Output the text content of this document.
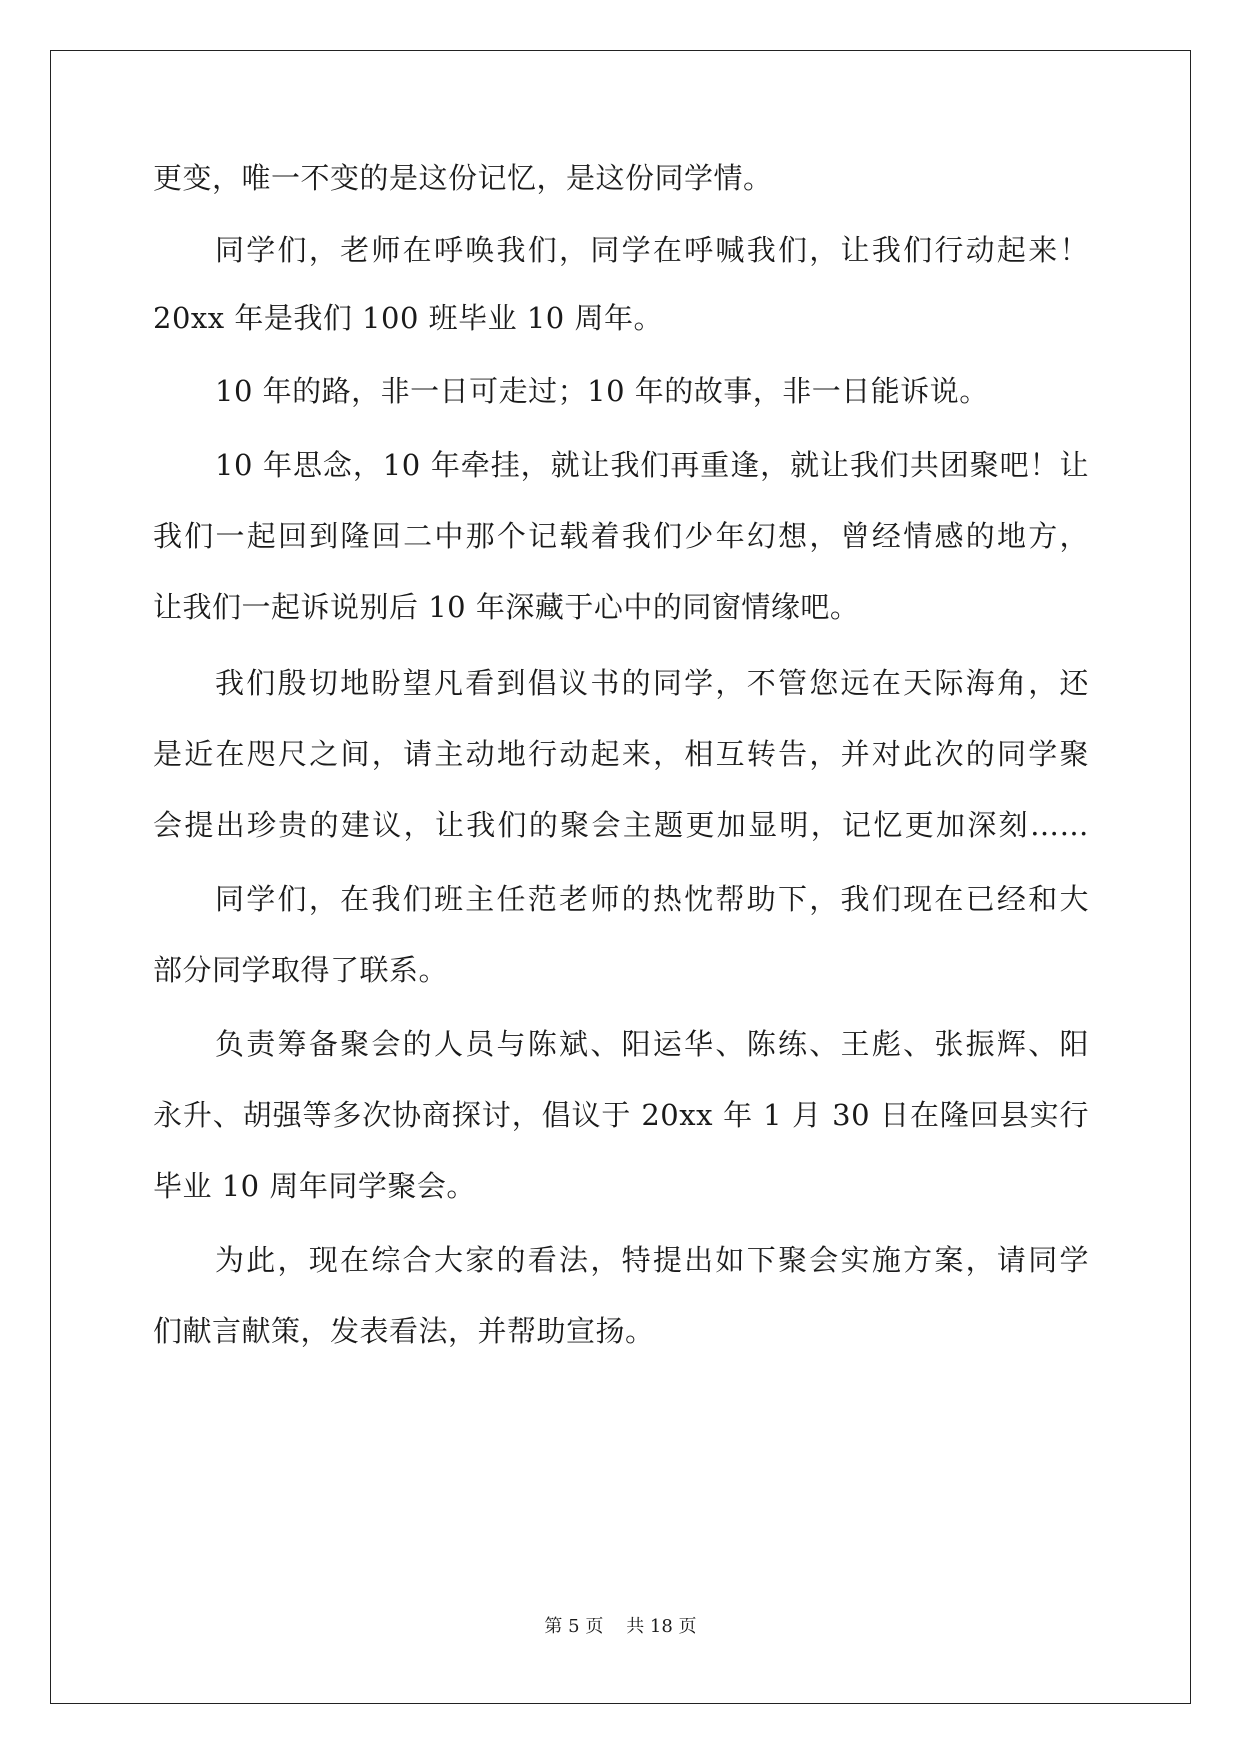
更变，唯一不变的是这份记忆，是这份同学情。
同学们，老师在呼唤我们，同学在呼喊我们，让我们行动起来！
20xx 年是我们 100 班毕业 10 周年。
10 年的路，非一日可走过；10 年的故事，非一日能诉说。
10 年思念，10 年牵挂，就让我们再重逢，就让我们共团聚吧！让
我们一起回到隆回二中那个记载着我们少年幻想，曾经情感的地方，
让我们一起诉说别后 10 年深藏于心中的同窗情缘吧。
我们殷切地盼望凡看到倡议书的同学，不管您远在天际海角，还
是近在咫尺之间，请主动地行动起来，相互转告，并对此次的同学聚
会提出珍贵的建议，让我们的聚会主题更加显明，记忆更加深刻……
同学们，在我们班主任范老师的热忱帮助下，我们现在已经和大
部分同学取得了联系。
负责筹备聚会的人员与陈斌、阳运华、陈练、王彪、张振辉、阳
永升、胡强等多次协商探讨，倡议于 20xx 年 1 月 30 日在隆回县实行
毕业 10 周年同学聚会。
为此，现在综合大家的看法，特提出如下聚会实施方案，请同学
们献言献策，发表看法，并帮助宣扬。
第 5 页    共 18 页
